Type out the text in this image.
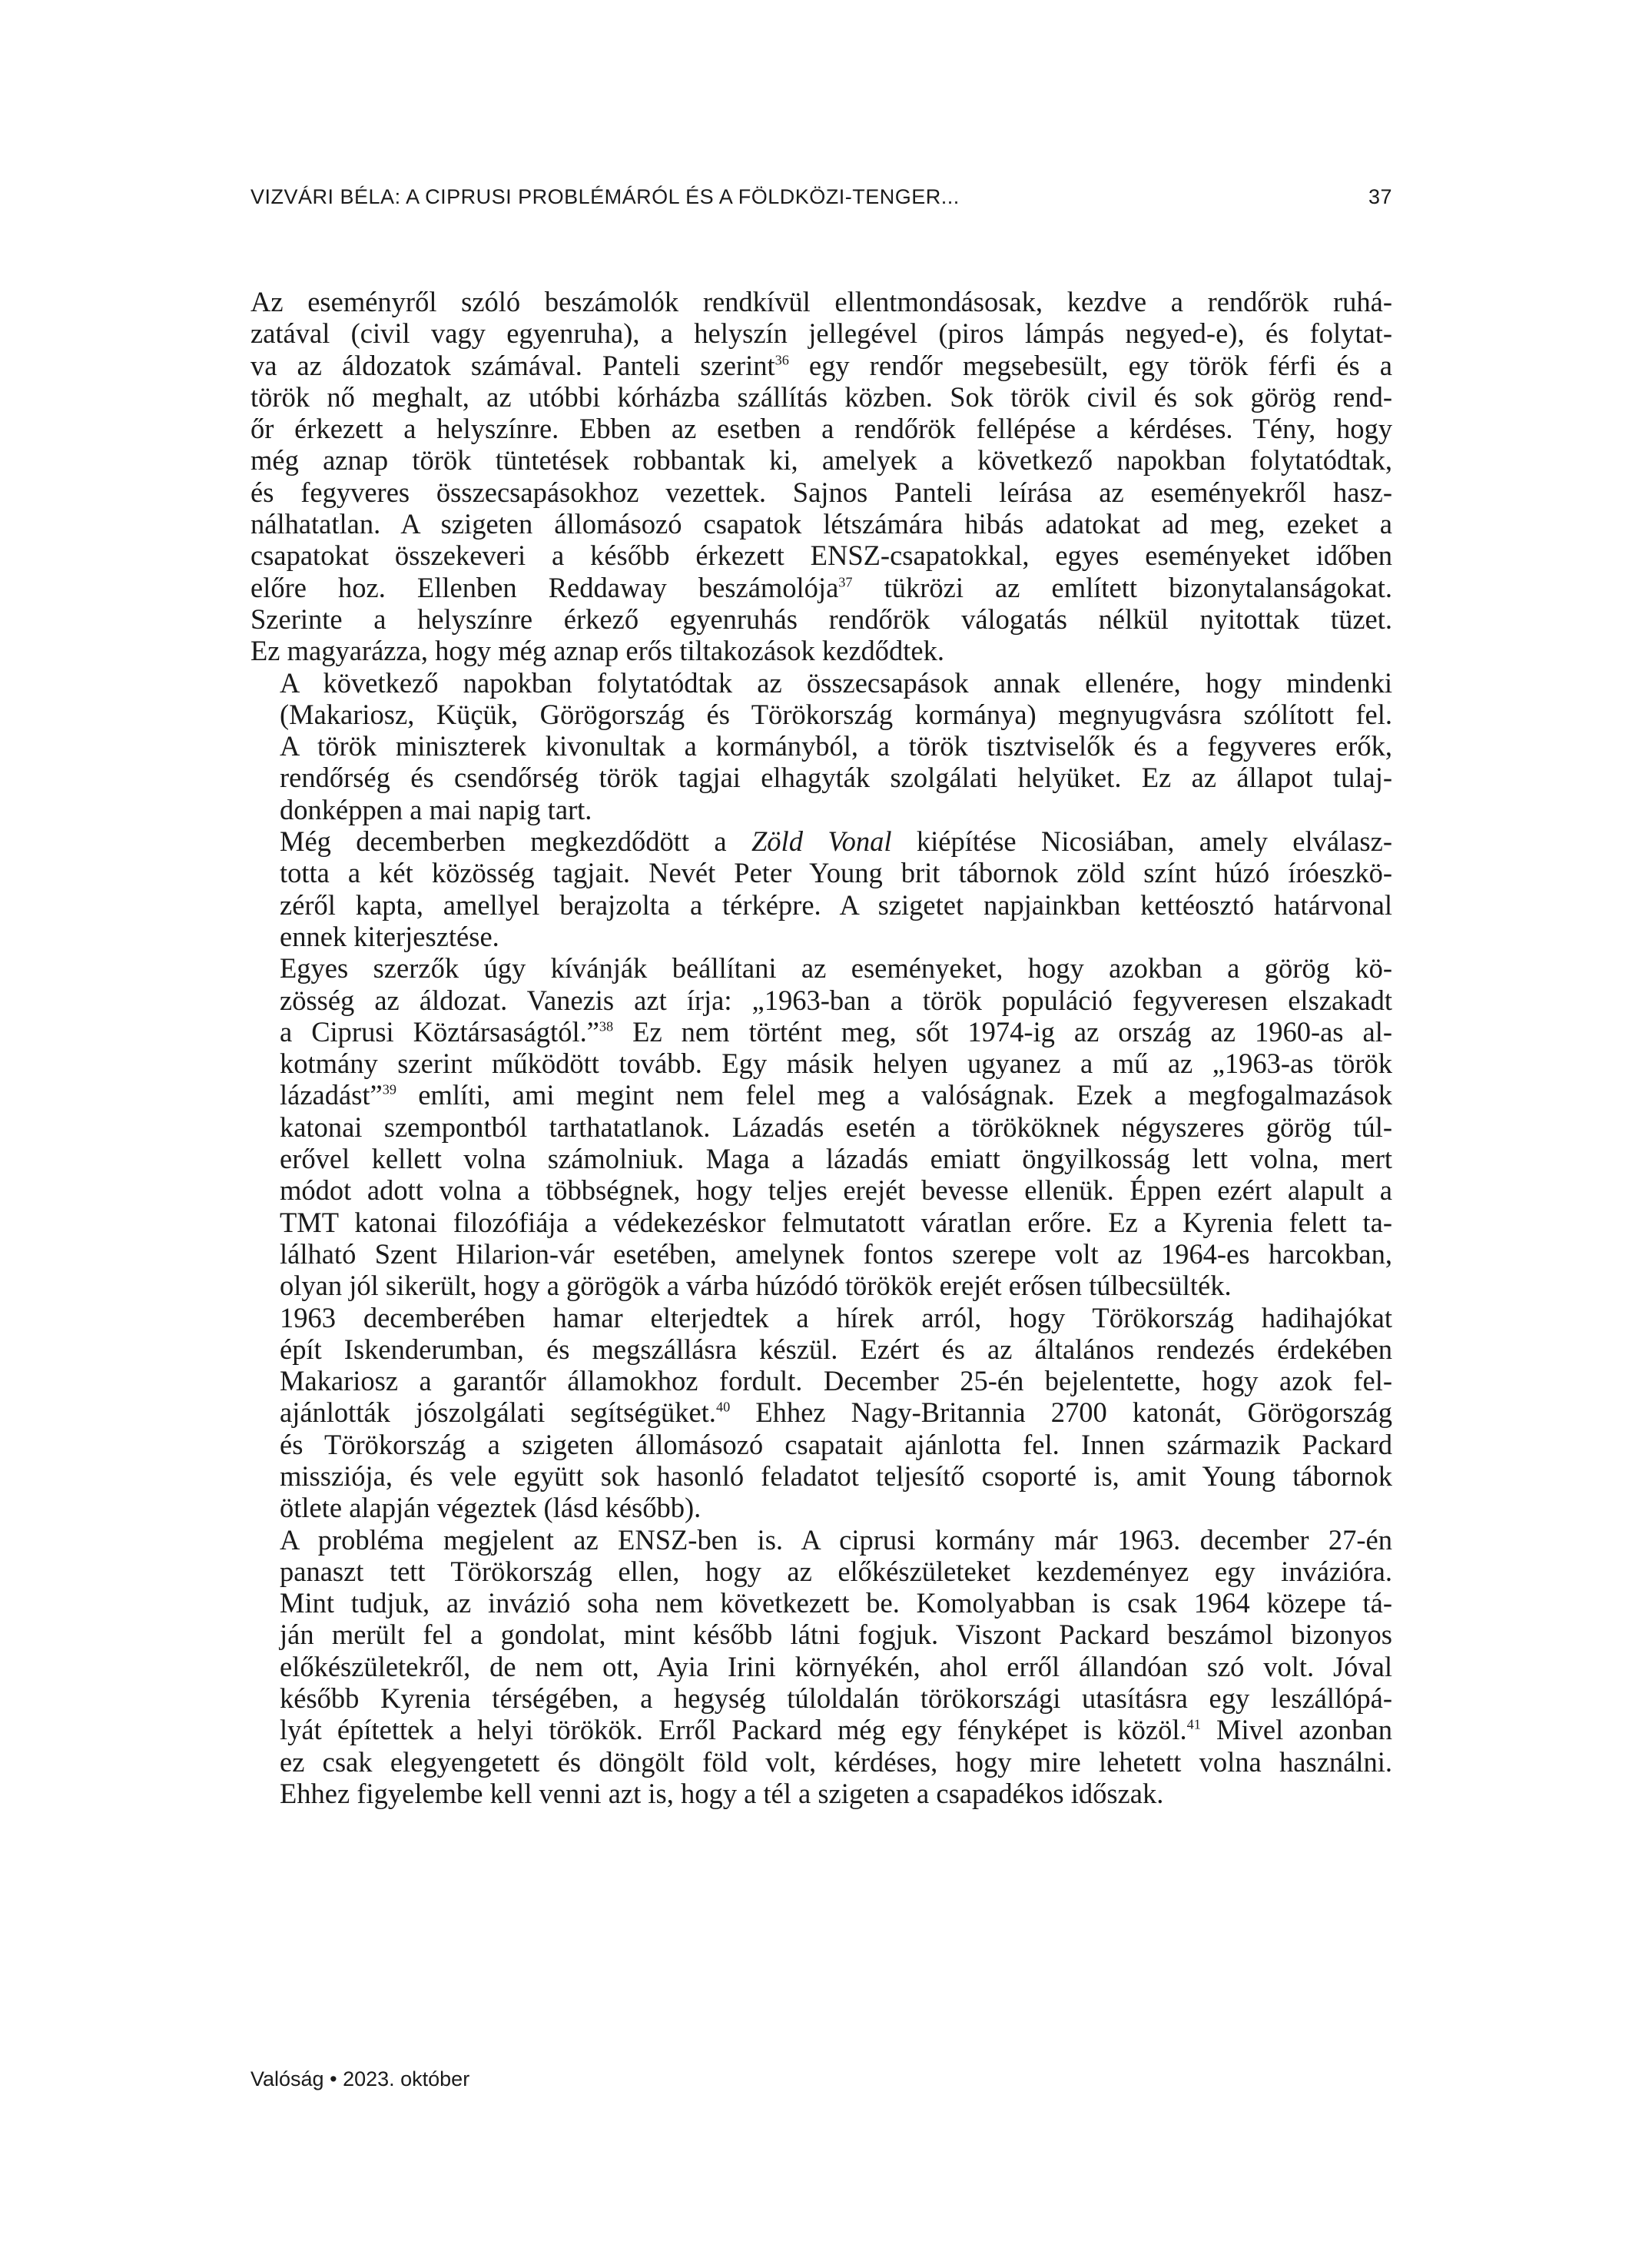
VIZVÁRI BÉLA: A CIPRUSI PROBLÉMÁRÓL ÉS A FÖLDKÖZI-TENGER...	37

Az eseményről szóló beszámolók rendkívül ellentmondásosak, kezdve a rendőrök ruhá-
zatával (civil vagy egyenruha), a helyszín jellegével (piros lámpás negyed-e), és folytat-
va az áldozatok számával. Panteli szerint$^{36}$ egy rendőr megsebesült, egy török férfi és a
török nő meghalt, az utóbbi kórházba szállítás közben. Sok török civil és sok görög rend-
őr érkezett a helyszínre. Ebben az esetben a rendőrök fellépése a kérdéses. Tény, hogy
még aznap török tüntetések robbantak ki, amelyek a következő napokban folytatódtak,
és fegyveres összecsapásokhoz vezettek. Sajnos Panteli leírása az eseményekről hasz-
nálhatatlan. A szigeten állomásozó csapatok létszámára hibás adatokat ad meg, ezeket a
csapatokat összekeveri a később érkezett ENSZ-csapatokkal, egyes eseményeket időben
előre hoz. Ellenben Reddaway beszámolója$^{37}$ tükrözi az említett bizonytalanságokat.
Szerinte a helyszínre érkező egyenruhás rendőrök válogatás nélkül nyitottak tüzet.
Ez magyarázza, hogy még aznap erős tiltakozások kezdődtek.

A következő napokban folytatódtak az összecsapások annak ellenére, hogy mindenki
(Makariosz, Küçük, Görögország és Törökország kormánya) megnyugvásra szólított fel.
A török miniszterek kivonultak a kormányból, a török tisztviselők és a fegyveres erők,
rendőrség és csendőrség török tagjai elhagyták szolgálati helyüket. Ez az állapot tulaj-
donképpen a mai napig tart.

Még decemberben megkezdődött a Zöld Vonal kiépítése Nicosiában, amely elválasz-
totta a két közösség tagjait. Nevét Peter Young brit tábornok zöld színt húzó íróeszkö-
zéről kapta, amellyel berajzolta a térképre. A szigetet napjainkban kettéosztó határvonal
ennek kiterjesztése.

Egyes szerzők úgy kívánják beállítani az eseményeket, hogy azokban a görög kö-
zösség az áldozat. Vanezis azt írja: „1963-ban a török populáció fegyveresen elszakadt
a Ciprusi Köztársaságtól.”$^{38}$ Ez nem történt meg, sőt 1974-ig az ország az 1960-as al-
kotmány szerint működött tovább. Egy másik helyen ugyanez a mű az „1963-as török
lázadást”$^{39}$ említi, ami megint nem felel meg a valóságnak. Ezek a megfogalmazások
katonai szempontból tarthatatlanok. Lázadás esetén a törököknek négyszeres görög túl-
erővel kellett volna számolniuk. Maga a lázadás emiatt öngyilkosság lett volna, mert
módot adott volna a többségnek, hogy teljes erejét bevesse ellenük. Éppen ezért alapult a
TMT katonai filozófiája a védekezéskor felmutatott váratlan erőre. Ez a Kyrenia felett ta-
lálható Szent Hilarion-vár esetében, amelynek fontos szerepe volt az 1964-es harcokban,
olyan jól sikerült, hogy a görögök a várba húzódó törökök erejét erősen túlbecsülték.

1963 decemberében hamar elterjedtek a hírek arról, hogy Törökország hadihajókat
épít Iskenderumban, és megszállásra készül. Ezért és az általános rendezés érdekében
Makariosz a garantőr államokhoz fordult. December 25-én bejelentette, hogy azok fel-
ajánlották jószolgálati segítségüket.$^{40}$ Ehhez Nagy-Britannia 2700 katonát, Görögország
és Törökország a szigeten állomásozó csapatait ajánlotta fel. Innen származik Packard
missziója, és vele együtt sok hasonló feladatot teljesítő csoporté is, amit Young tábornok
ötlete alapján végeztek (lásd később).

A probléma megjelent az ENSZ-ben is. A ciprusi kormány már 1963. december 27-én
panaszt tett Törökország ellen, hogy az előkészületeket kezdeményez egy invázióra.
Mint tudjuk, az invázió soha nem következett be. Komolyabban is csak 1964 közepe tá-
ján merült fel a gondolat, mint később látni fogjuk. Viszont Packard beszámol bizonyos
előkészületekről, de nem ott, Ayia Irini környékén, ahol erről állandóan szó volt. Jóval
később Kyrenia térségében, a hegység túloldalán törökországi utasításra egy leszállópá-
lyát építettek a helyi törökök. Erről Packard még egy fényképet is közöl.$^{41}$ Mivel azonban
ez csak elegyengetett és döngölt föld volt, kérdéses, hogy mire lehetett volna használni.
Ehhez figyelembe kell venni azt is, hogy a tél a szigeten a csapadékos időszak.

Valóság • 2023. október
